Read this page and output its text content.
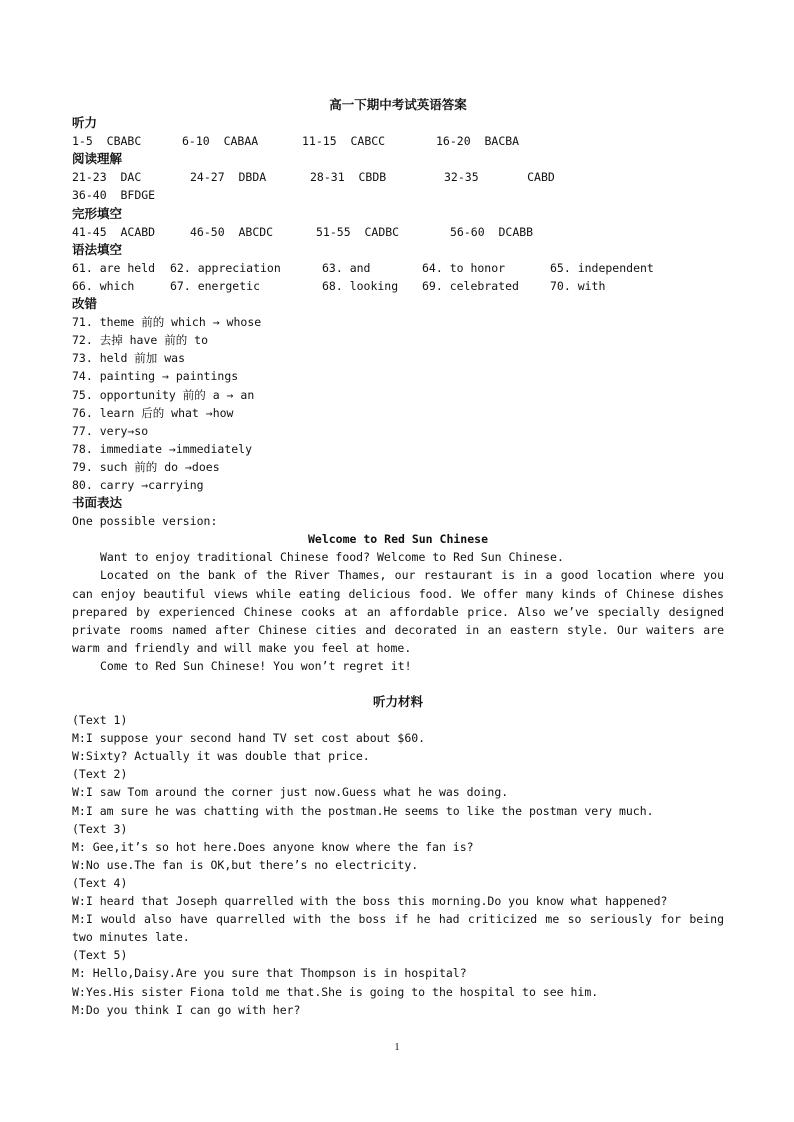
高一下期中考试英语答案
听力
1-5 CBABC	6-10 CABAA	11-15 CABCC	16-20 BACBA
阅读理解
21-23 DAC	24-27 DBDA	28-31 CBDB	32-35	CABD
36-40 BFDGE
完形填空
41-45 ACABD	46-50 ABCDC	51-55 CADBC	56-60 DCABB
语法填空
61. are held	62. appreciation	63. and	64. to honor	65. independent
66. which	67. energetic	68. looking	69. celebrated	70. with
改错
71. theme 前的 which → whose
72. 去掉 have 前的 to
73. held 前加 was
74. painting → paintings
75. opportunity 前的 a → an
76. learn 后的 what →how
77. very→so
78. immediate →immediately
79. such 前的 do →does
80. carry →carrying
书面表达
One possible version:
Welcome to Red Sun Chinese

Want to enjoy traditional Chinese food? Welcome to Red Sun Chinese.

Located on the bank of the River Thames, our restaurant is in a good location where you can enjoy beautiful views while eating delicious food. We offer many kinds of Chinese dishes prepared by experienced Chinese cooks at an affordable price. Also we’ve specially designed private rooms named after Chinese cities and decorated in an eastern style. Our waiters are warm and friendly and will make you feel at home.

Come to Red Sun Chinese! You won’t regret it!

听力材料
(Text 1)
M:I suppose your second hand TV set cost about $60.
W:Sixty? Actually it was double that price.
(Text 2)
W:I saw Tom around the corner just now.Guess what he was doing.
M:I am sure he was chatting with the postman.He seems to like the postman very much.
(Text 3)
M: Gee,it’s so hot here.Does anyone know where the fan is?
W:No use.The fan is OK,but there’s no electricity.
(Text 4)
W:I heard that Joseph quarrelled with the boss this morning.Do you know what happened?

M:I would also have quarrelled with the boss if he had criticized me so seriously for being two minutes late.

(Text 5)
M: Hello,Daisy.Are you sure that Thompson is in hospital?
W:Yes.His sister Fiona told me that.She is going to the hospital to see him.
M:Do you think I can go with her?
1
